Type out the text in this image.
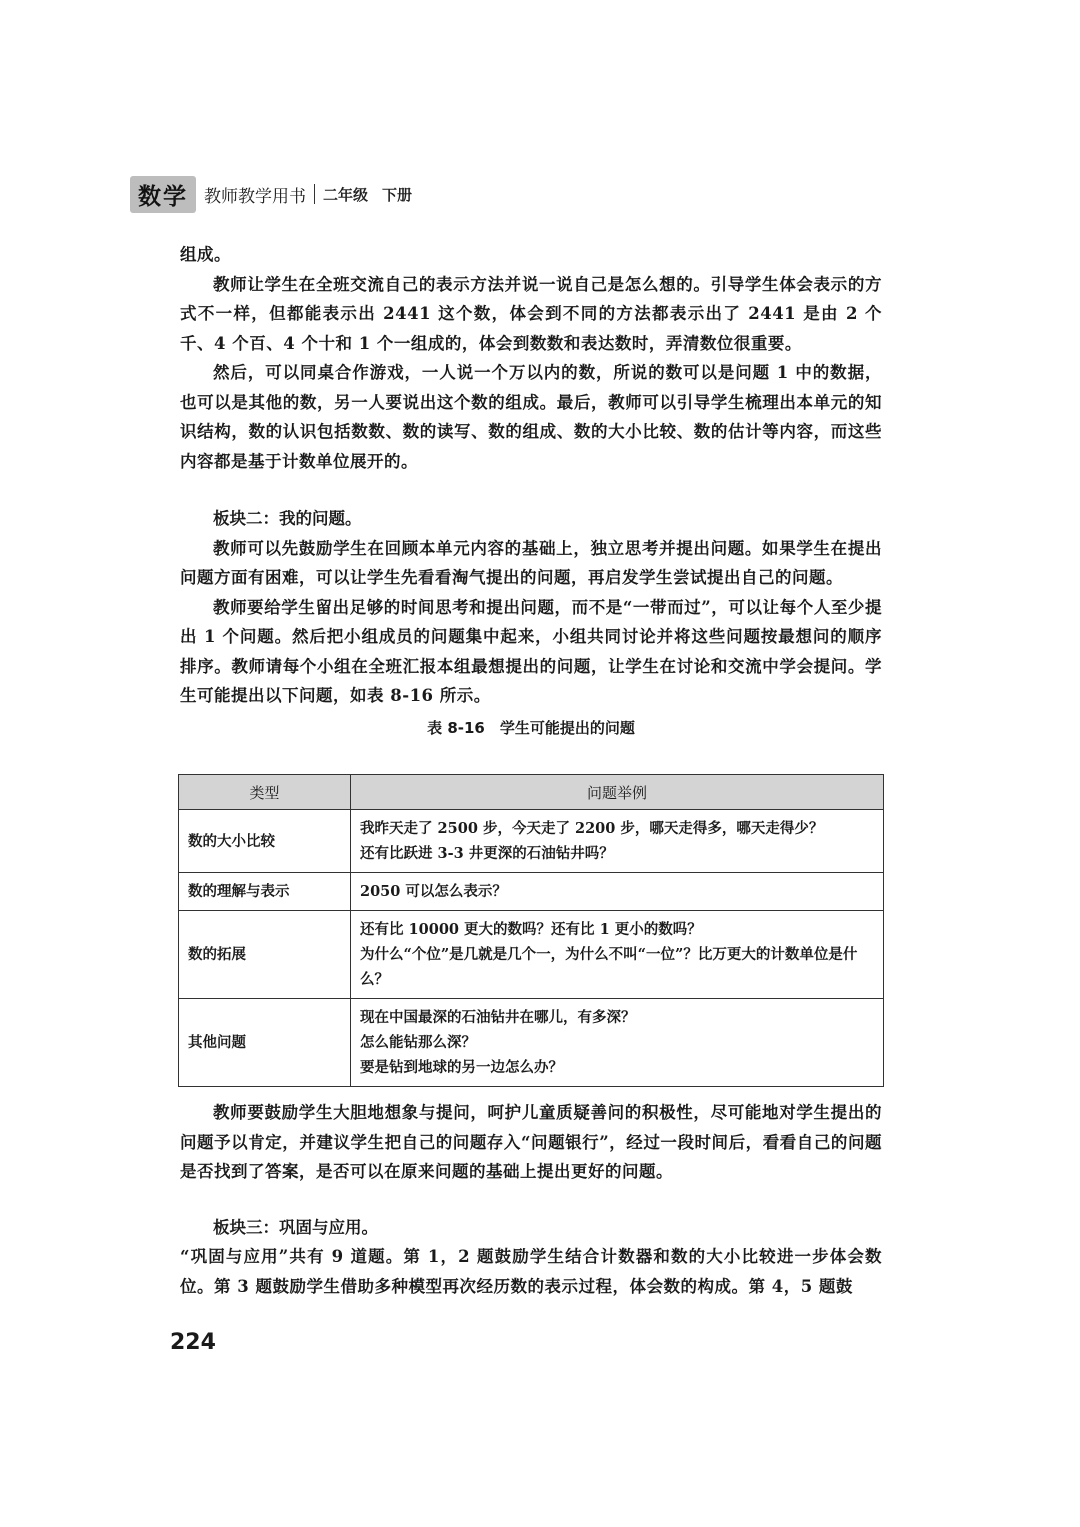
数学 教师教学用书 二年级 下册

组成。

教师让学生在全班交流自己的表示方法并说一说自己是怎么想的。引导学生体会表示的方式不一样，但都能表示出 2441 这个数，体会到不同的方法都表示出了 2441 是由 2 个千、4 个百、4 个十和 1 个一组成的，体会到数数和表达数时，弄清数位很重要。

然后，可以同桌合作游戏，一人说一个万以内的数，所说的数可以是问题 1 中的数据，也可以是其他的数，另一人要说出这个数的组成。最后，教师可以引导学生梳理出本单元的知识结构，数的认识包括数数、数的读写、数的组成、数的大小比较、数的估计等内容，而这些内容都是基于计数单位展开的。

板块二：我的问题。

教师可以先鼓励学生在回顾本单元内容的基础上，独立思考并提出问题。如果学生在提出问题方面有困难，可以让学生先看看淘气提出的问题，再启发学生尝试提出自己的问题。

教师要给学生留出足够的时间思考和提出问题，而不是“一带而过”，可以让每个人至少提出 1 个问题。然后把小组成员的问题集中起来，小组共同讨论并将这些问题按最想问的顺序排序。教师请每个小组在全班汇报本组最想提出的问题，让学生在讨论和交流中学会提问。学生可能提出以下问题，如表 8-16 所示。

表 8-16　学生可能提出的问题
类型	问题举例
数的大小比较	我昨天走了 2500 步，今天走了 2200 步，哪天走得多，哪天走得少？
还有比跃进 3-3 井更深的石油钻井吗？

数的理解与表示	2050 可以怎么表示？

数的拓展	还有比 10000 更大的数吗？还有比 1 更小的数吗？
为什么“个位”是几就是几个一，为什么不叫“一位”？比万更大的计数单位是什么？

其他问题	现在中国最深的石油钻井在哪儿，有多深？
怎么能钻那么深？
要是钻到地球的另一边怎么办？

教师要鼓励学生大胆地想象与提问，呵护儿童质疑善问的积极性，尽可能地对学生提出的问题予以肯定，并建议学生把自己的问题存入“问题银行”，经过一段时间后，看看自己的问题是否找到了答案，是否可以在原来问题的基础上提出更好的问题。

板块三：巩固与应用。

“巩固与应用”共有 9 道题。第 1，2 题鼓励学生结合计数器和数的大小比较进一步体会数位。第 3 题鼓励学生借助多种模型再次经历数的表示过程，体会数的构成。第 4，5 题鼓

224
